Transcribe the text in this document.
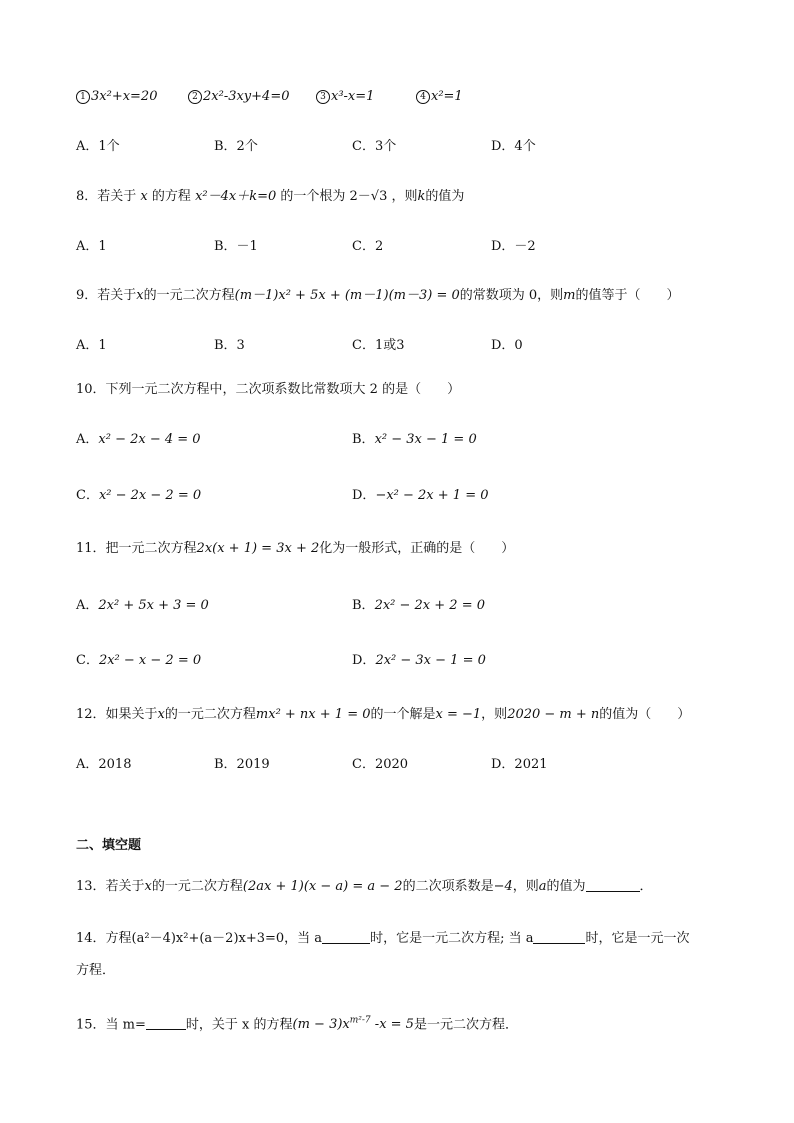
1 3x²+x=20	2 2x²-3xy+4=0	3 x³-x=1	4 x²=1
A．1个	B．2个	C．3个	D．4个
8．若关于 x 的方程 x²－4x＋k=0 的一个根为 2－√3 ，则k的值为
A．1	B．－1	C．2	D．－2
9．若关于x的一元二次方程(m－1)x² + 5x + (m－1)(m－3) = 0的常数项为 0，则m的值等于（　　）
A．1	B．3	C．1或3	D．0
10．下列一元二次方程中，二次项系数比常数项大 2 的是（　　）
A．x² − 2x − 4 = 0	B．x² − 3x − 1 = 0
C．x² − 2x − 2 = 0	D．−x² − 2x + 1 = 0
11．把一元二次方程2x(x + 1) = 3x + 2化为一般形式，正确的是（　　）
A．2x² + 5x + 3 = 0	B．2x² − 2x + 2 = 0
C．2x² − x − 2 = 0	D．2x² − 3x − 1 = 0
12．如果关于x的一元二次方程mx² + nx + 1 = 0的一个解是x = −1，则2020 − m + n的值为（　　）
A．2018	B．2019	C．2020	D．2021
二、填空题
13．若关于x的一元二次方程(2ax + 1)(x − a) = a − 2的二次项系数是−4，则a的值为	．
14．方程(a²－4)x²+(a－2)x+3=0，当 a	时，它是一元二次方程; 当 a	时，它是一元一次
方程．
15．当 m=	时，关于 x 的方程$(m - 3)x^{m^2-7}$ -x = 5是一元二次方程．
